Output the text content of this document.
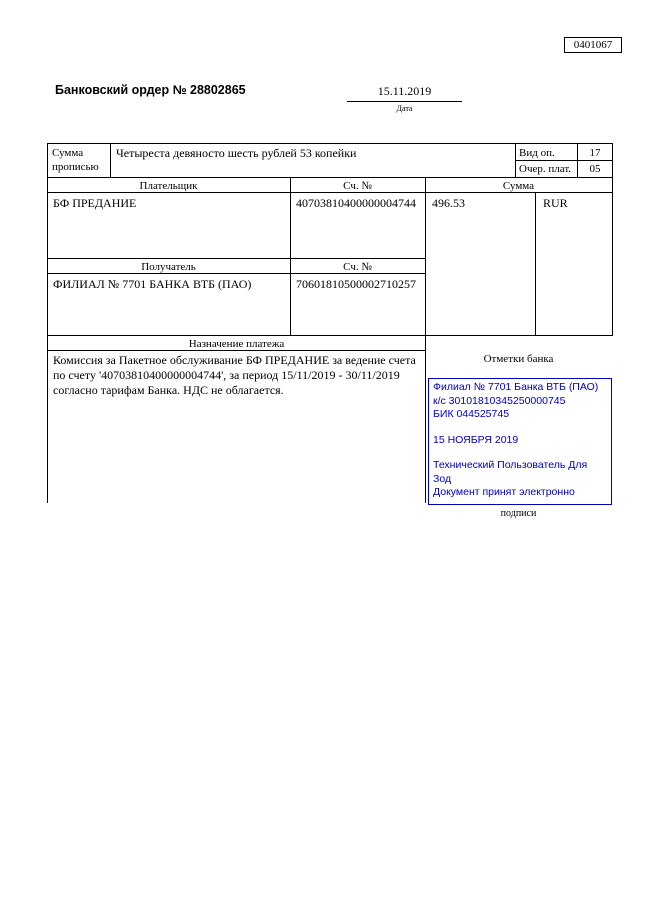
0401067
Банковский ордер № 28802865	15.11.2019
Дата
Сумма
прописью
Четыреста девяносто шесть рублей 53 копейки	Вид оп.	17
Очер. плат.	05
Плательщик	Сч. №	Сумма
БФ ПРЕДАНИЕ	40703810400000004744	496.53	RUR
Получатель	Сч. №
ФИЛИАЛ № 7701 БАНКА ВТБ (ПАО)	70601810500002710257
Назначение платежа
Комиссия за Пакетное обслуживание БФ ПРЕДАНИЕ за ведение счета по счету '40703810400000004744', за период 15/11/2019 - 30/11/2019 согласно тарифам Банка. НДС не облагается.
Отметки банка
Филиал № 7701 Банка ВТБ (ПАО)
к/с 30101810345250000745
БИК 044525745
15 НОЯБРЯ 2019
Технический Пользователь Для Зод
Документ принят электронно
подписи
